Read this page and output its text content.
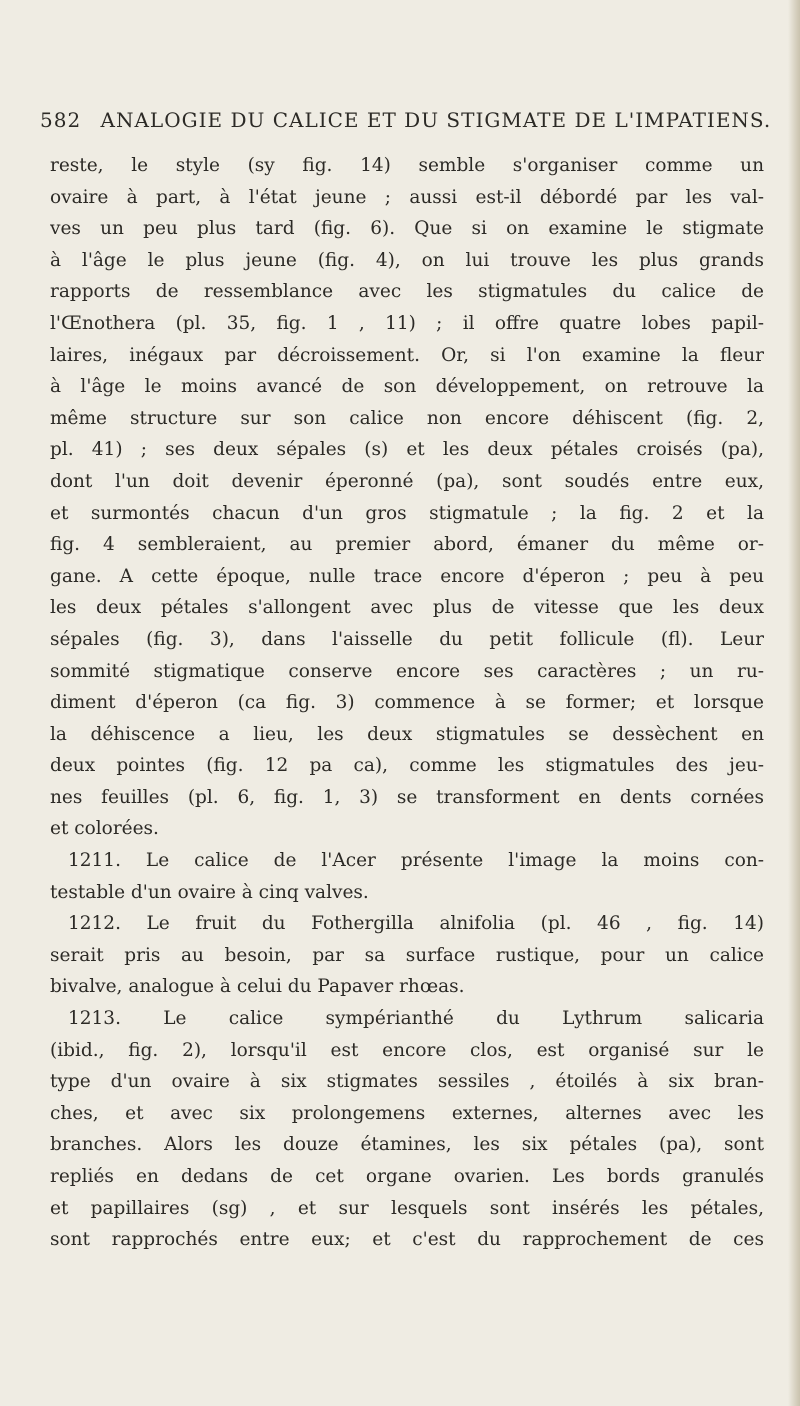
582 ANALOGIE DU CALICE ET DU STIGMATE DE L'IMPATIENS.
reste, le style (sy fig. 14) semble s'organiser comme un
ovaire à part, à l'état jeune ; aussi est-il débordé par les val-
ves un peu plus tard (fig. 6). Que si on examine le stigmate
à l'âge le plus jeune (fig. 4), on lui trouve les plus grands
rapports de ressemblance avec les stigmatules du calice de
l'Œnothera (pl. 35, fig. 1 , 11) ; il offre quatre lobes papil-
laires, inégaux par décroissement. Or, si l'on examine la fleur
à l'âge le moins avancé de son développement, on retrouve la
même structure sur son calice non encore déhiscent (fig. 2,
pl. 41) ; ses deux sépales (s) et les deux pétales croisés (pa),
dont l'un doit devenir éperonné (pa), sont soudés entre eux,
et surmontés chacun d'un gros stigmatule ; la fig. 2 et la
fig. 4 sembleraient, au premier abord, émaner du même or-
gane. A cette époque, nulle trace encore d'éperon ; peu à peu
les deux pétales s'allongent avec plus de vitesse que les deux
sépales (fig. 3), dans l'aisselle du petit follicule (fl). Leur
sommité stigmatique conserve encore ses caractères ; un ru-
diment d'éperon (ca fig. 3) commence à se former; et lorsque
la déhiscence a lieu, les deux stigmatules se dessèchent en
deux pointes (fig. 12 pa ca), comme les stigmatules des jeu-
nes feuilles (pl. 6, fig. 1, 3) se transforment en dents cornées
et colorées.
1211. Le calice de l'Acer présente l'image la moins con-
testable d'un ovaire à cinq valves.
1212. Le fruit du Fothergilla alnifolia (pl. 46 , fig. 14)
serait pris au besoin, par sa surface rustique, pour un calice
bivalve, analogue à celui du Papaver rhœas.
1213. Le calice sympérianthé du Lythrum salicaria
(ibid., fig. 2), lorsqu'il est encore clos, est organisé sur le
type d'un ovaire à six stigmates sessiles , étoilés à six bran-
ches, et avec six prolongemens externes, alternes avec les
branches. Alors les douze étamines, les six pétales (pa), sont
repliés en dedans de cet organe ovarien. Les bords granulés
et papillaires (sg) , et sur lesquels sont insérés les pétales,
sont rapprochés entre eux; et c'est du rapprochement de ces
